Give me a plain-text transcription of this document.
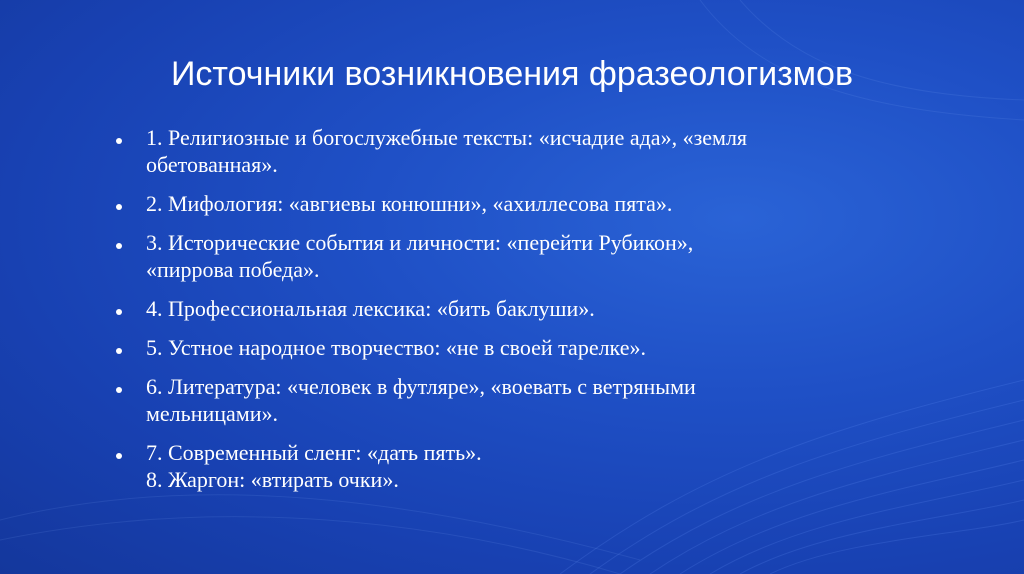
Источники возникновения фразеологизмов
1. Религиозные и богослужебные тексты: «исчадие ада», «земля
обетованная».
2. Мифология: «авгиевы конюшни», «ахиллесова пята».
3. Исторические события и личности: «перейти Рубикон»,
«пиррова победа».
4. Профессиональная лексика: «бить баклуши».
5. Устное народное творчество: «не в своей тарелке».
6. Литература: «человек в футляре», «воевать с ветряными
мельницами».
7. Современный сленг: «дать пять».
8. Жаргон: «втирать очки».
